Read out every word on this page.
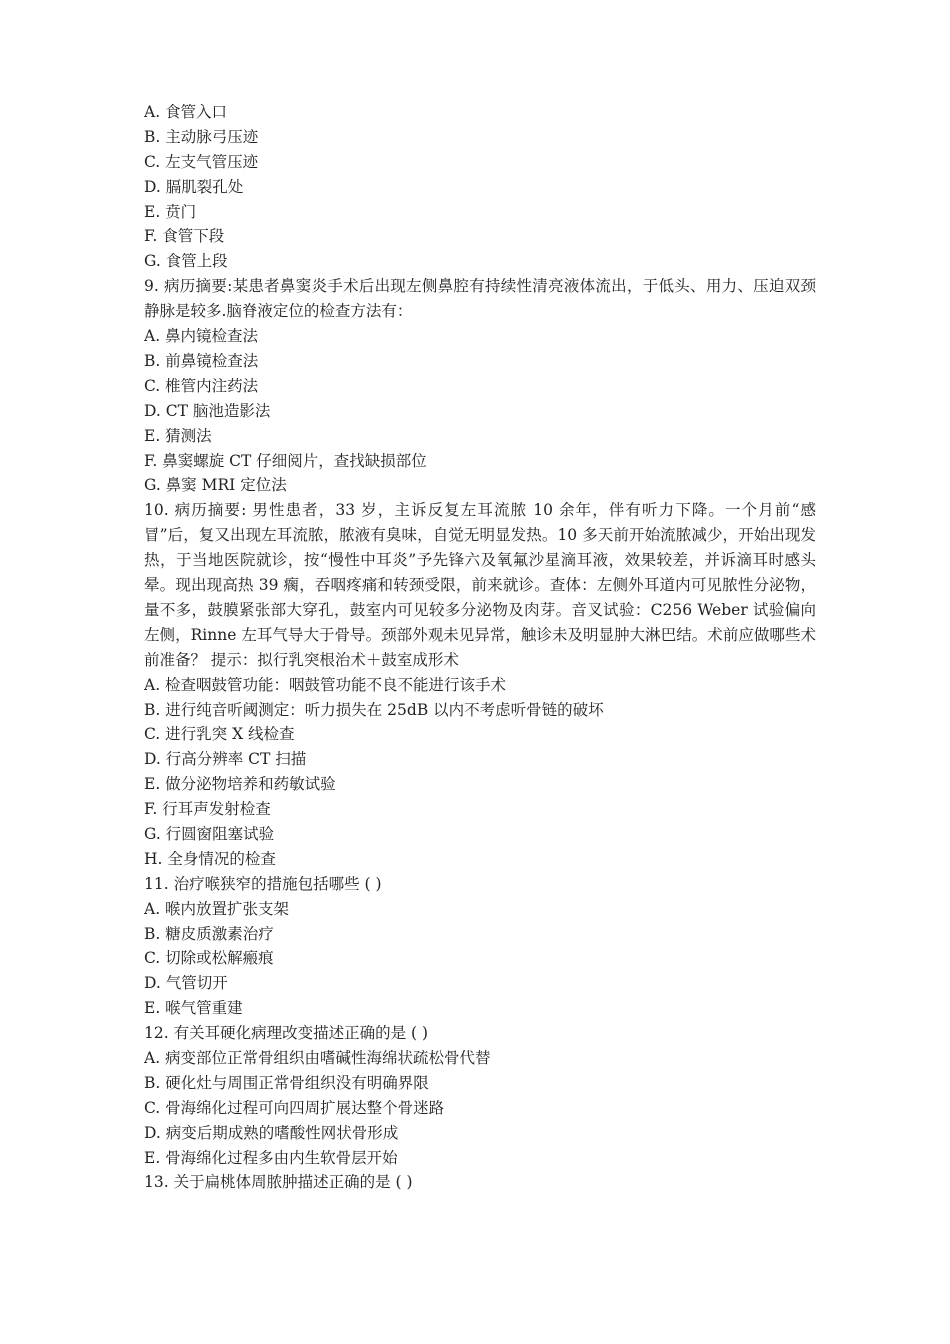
A. 食管入口
B. 主动脉弓压迹
C. 左支气管压迹
D. 膈肌裂孔处
E. 贲门
F. 食管下段
G. 食管上段
9. 病历摘要:某患者鼻窦炎手术后出现左侧鼻腔有持续性清亮液体流出，于低头、用力、压迫双颈静脉是较多.脑脊液定位的检查方法有：
A. 鼻内镜检查法
B. 前鼻镜检查法
C. 椎管内注药法
D. CT 脑池造影法
E. 猜测法
F. 鼻窦螺旋 CT 仔细阅片，查找缺损部位
G. 鼻窦 MRI 定位法
10. 病历摘要: 男性患者，33 岁，主诉反复左耳流脓 10 余年，伴有听力下降。一个月前“感冒”后，复又出现左耳流脓，脓液有臭味，自觉无明显发热。10 多天前开始流脓减少，开始出现发热，于当地医院就诊，按“慢性中耳炎”予先锋六及氧氟沙星滴耳液，效果较差，并诉滴耳时感头晕。现出现高热 39 瘸，吞咽疼痛和转颈受限，前来就诊。查体：左侧外耳道内可见脓性分泌物，量不多，鼓膜紧张部大穿孔，鼓室内可见较多分泌物及肉芽。音叉试验：C256 Weber 试验偏向左侧，Rinne 左耳气导大于骨导。颈部外观未见异常，触诊未及明显肿大淋巴结。术前应做哪些术前准备？ 提示：拟行乳突根治术＋鼓室成形术
A. 检查咽鼓管功能：咽鼓管功能不良不能进行该手术
B. 进行纯音听阈测定：听力损失在 25dB 以内不考虑听骨链的破坏
C. 进行乳突 X 线检查
D. 行高分辨率 CT 扫描
E. 做分泌物培养和药敏试验
F. 行耳声发射检查
G. 行圆窗阻塞试验
H. 全身情况的检查
11. 治疗喉狭窄的措施包括哪些 ( )
A. 喉内放置扩张支架
B. 糖皮质激素治疗
C. 切除或松解瘢痕
D. 气管切开
E. 喉气管重建
12. 有关耳硬化病理改变描述正确的是 ( )
A. 病变部位正常骨组织由嗜碱性海绵状疏松骨代替
B. 硬化灶与周围正常骨组织没有明确界限
C. 骨海绵化过程可向四周扩展达整个骨迷路
D. 病变后期成熟的嗜酸性网状骨形成
E. 骨海绵化过程多由内生软骨层开始
13. 关于扁桃体周脓肿描述正确的是 ( )
